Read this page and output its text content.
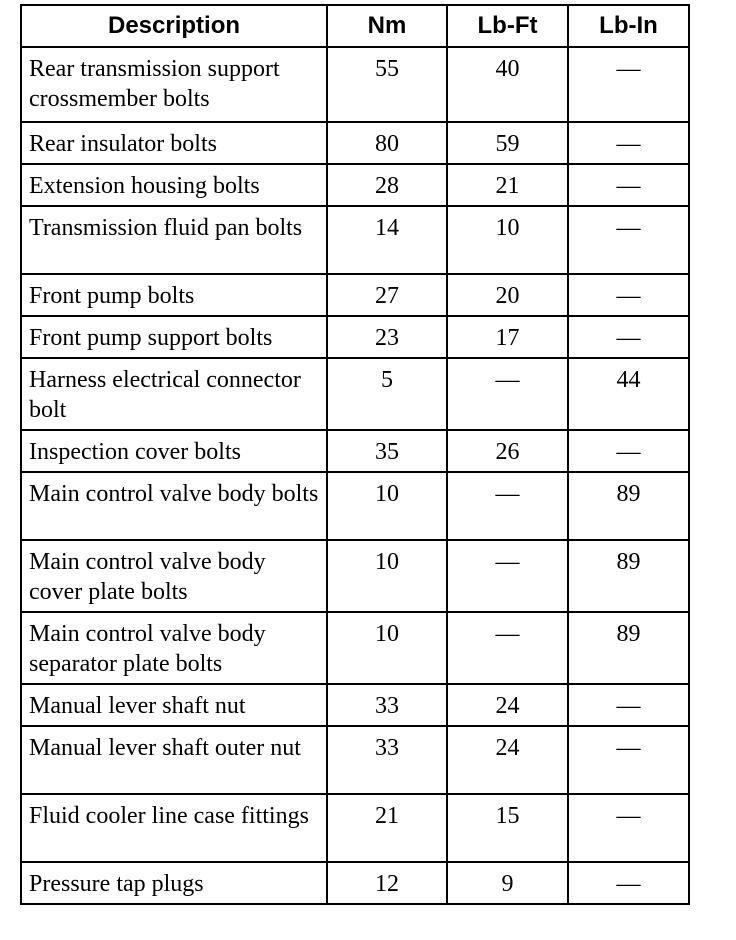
Description	Nm	Lb-Ft	Lb-In
Rear transmission support crossmember bolts	55	40	—
Rear insulator bolts	80	59	—
Extension housing bolts	28	21	—
Transmission fluid pan bolts	14	10	—
Front pump bolts	27	20	—
Front pump support bolts	23	17	—
Harness electrical connector bolt	5	—	44
Inspection cover bolts	35	26	—
Main control valve body bolts	10	—	89
Main control valve body cover plate bolts	10	—	89
Main control valve body separator plate bolts	10	—	89
Manual lever shaft nut	33	24	—
Manual lever shaft outer nut	33	24	—
Fluid cooler line case fittings	21	15	—
Pressure tap plugs	12	9	—
